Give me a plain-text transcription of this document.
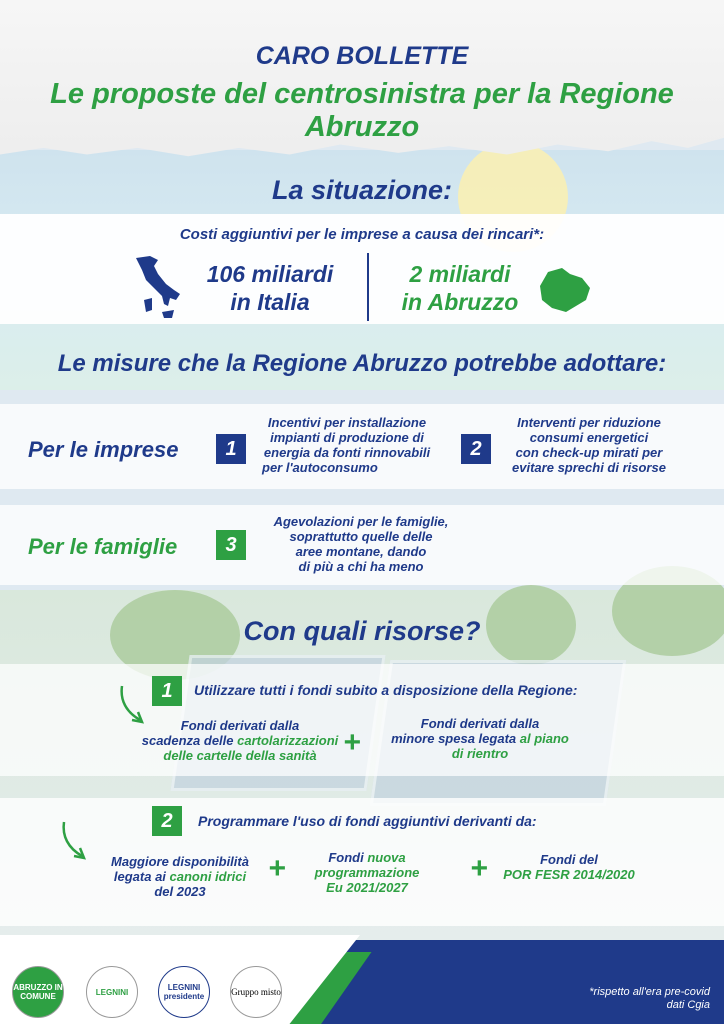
CARO BOLLETTE
Le proposte del centrosinistra per la Regione Abruzzo
La situazione:
Costi aggiuntivi per le imprese a causa dei rincari*:
106 miliardi
in Italia
2 miliardi
in Abruzzo
Le misure che la Regione Abruzzo potrebbe adottare:
Per le imprese	1
Incentivi per installazione
impianti di produzione di
energia da fonti rinnovabili
per l'autoconsumo
2
Interventi per riduzione
consumi energetici
con check-up mirati per
evitare sprechi di risorse
Per le famiglie	3
Agevolazioni per le famiglie,
soprattutto quelle delle
aree montane, dando
di più a chi ha meno
Con quali risorse?
1	Utilizzare tutti i fondi subito a disposizione della Regione:
Fondi derivati dalla
scadenza delle cartolarizzazioni
delle cartelle della sanità +
Fondi derivati dalla
minore spesa legata al piano
di rientro
2	Programmare l'uso di fondi aggiuntivi derivanti da:
Maggiore disponibilità
legata ai canoni idrici
del 2023
+	Fondi nuova
programmazione
Eu 2021/2027
+	Fondi del
POR FESR 2014/2020
ABRUZZO IN COMUNE	LEGNINI	LEGNINI presidente	Gruppo misto	*rispetto all'era pre-covid
dati Cgia
